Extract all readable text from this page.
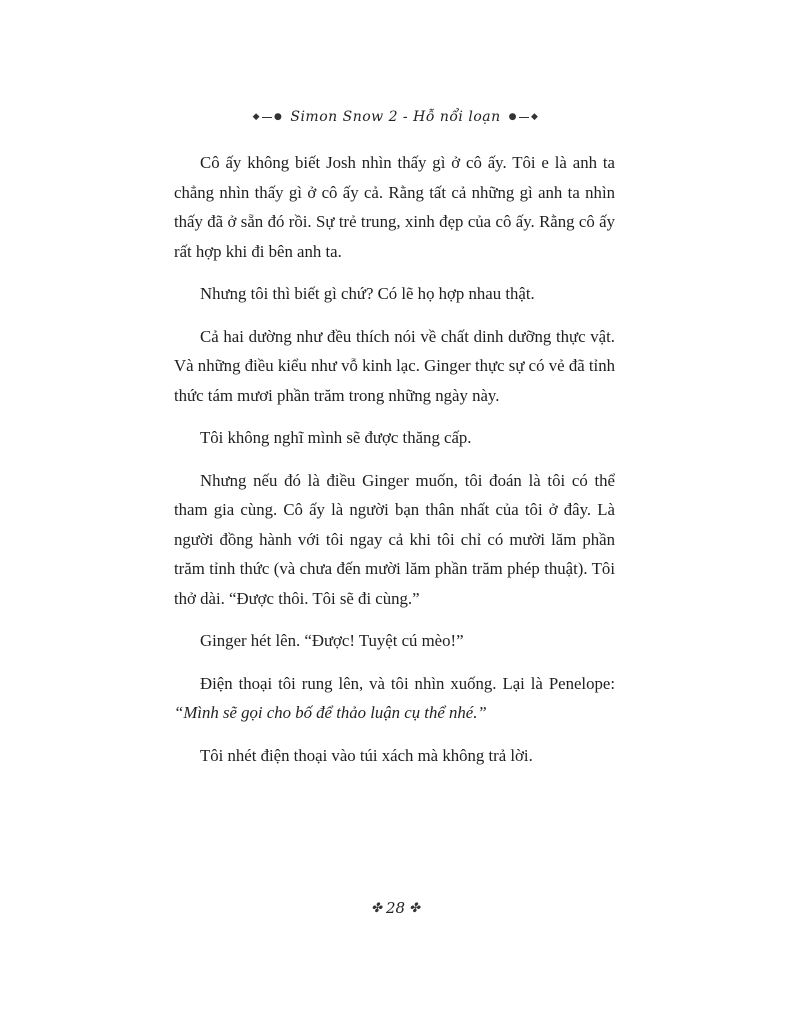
◆ ● Simon Snow 2 - Hỗ nổi loạn ● ◆

Cô ấy không biết Josh nhìn thấy gì ở cô ấy. Tôi e là anh ta chẳng nhìn thấy gì ở cô ấy cả. Rằng tất cả những gì anh ta nhìn thấy đã ở sẵn đó rồi. Sự trẻ trung, xinh đẹp của cô ấy. Rằng cô ấy rất hợp khi đi bên anh ta.

Nhưng tôi thì biết gì chứ? Có lẽ họ hợp nhau thật.

Cả hai dường như đều thích nói về chất dinh dưỡng thực vật. Và những điều kiểu như vỗ kinh lạc. Ginger thực sự có vẻ đã tỉnh thức tám mươi phần trăm trong những ngày này.

Tôi không nghĩ mình sẽ được thăng cấp.

Nhưng nếu đó là điều Ginger muốn, tôi đoán là tôi có thể tham gia cùng. Cô ấy là người bạn thân nhất của tôi ở đây. Là người đồng hành với tôi ngay cả khi tôi chỉ có mười lăm phần trăm tỉnh thức (và chưa đến mười lăm phần trăm phép thuật). Tôi thở dài. “Được thôi. Tôi sẽ đi cùng.”

Ginger hét lên. “Được! Tuyệt cú mèo!”

Điện thoại tôi rung lên, và tôi nhìn xuống. Lại là Penelope: “Mình sẽ gọi cho bố để thảo luận cụ thể nhé.”

Tôi nhét điện thoại vào túi xách mà không trả lời.

✤ 28 ✤
